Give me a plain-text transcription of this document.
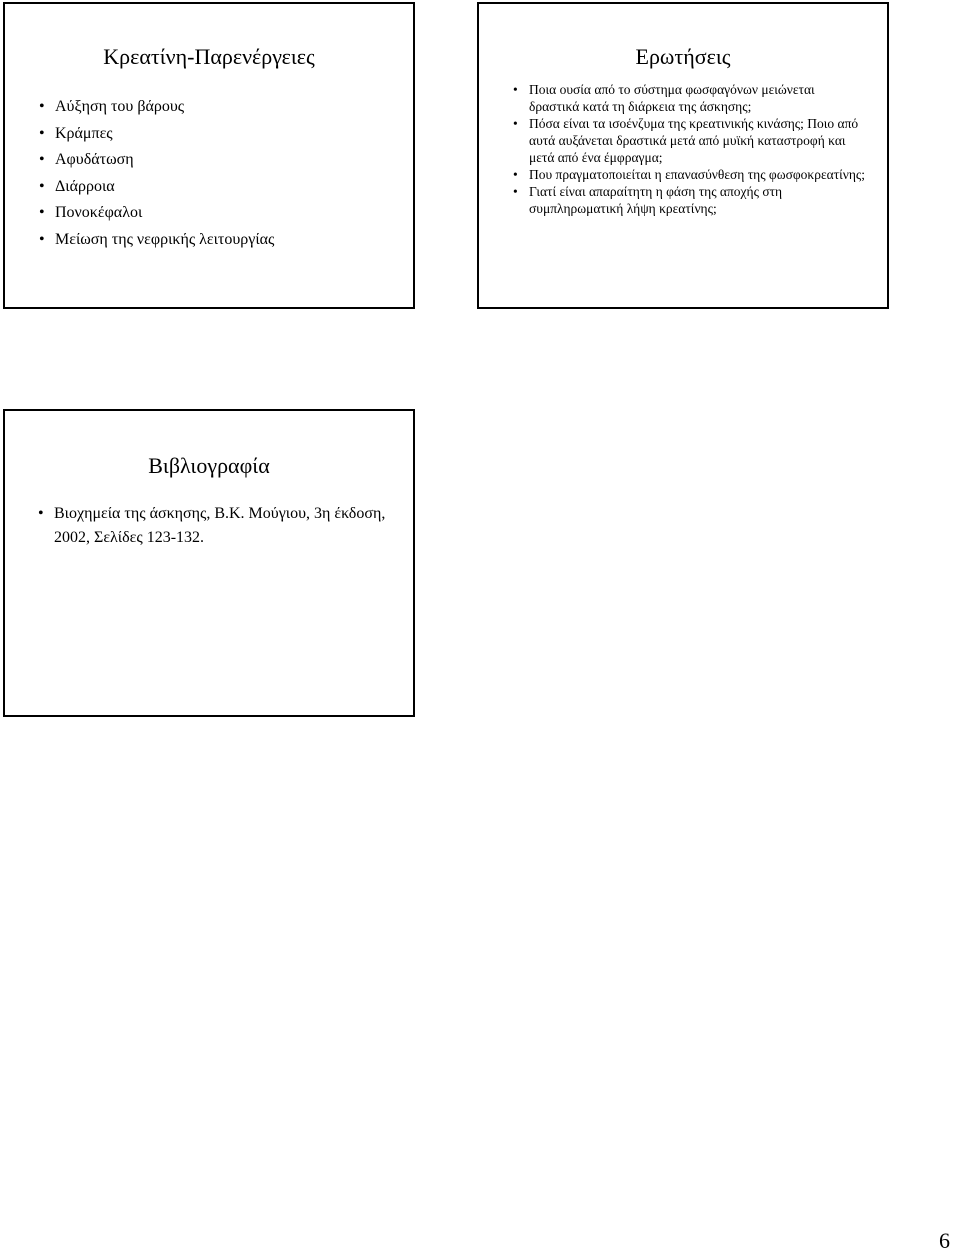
Κρεατίνη-Παρενέργειες
• Αύξηση του βάρους
• Κράμπες
• Αφυδάτωση
• Διάρροια
• Πονοκέφαλοι
• Μείωση της νεφρικής λειτουργίας
Ερωτήσεις
• Ποια ουσία από το σύστημα φωσφαγόνων μειώνεται δραστικά κατά τη διάρκεια της άσκησης;
• Πόσα είναι τα ισοένζυμα της κρεατινικής κινάσης; Ποιο από αυτά αυξάνεται δραστικά μετά από μυϊκή καταστροφή και μετά από ένα έμφραγμα;
• Που πραγματοποιείται η επανασύνθεση της φωσφοκρεατίνης;
• Γιατί είναι απαραίτητη η φάση της αποχής στη συμπληρωματική λήψη κρεατίνης;
Βιβλιογραφία
• Βιοχημεία της άσκησης, Β.Κ. Μούγιου, 3η έκδοση, 2002, Σελίδες 123-132.
6
